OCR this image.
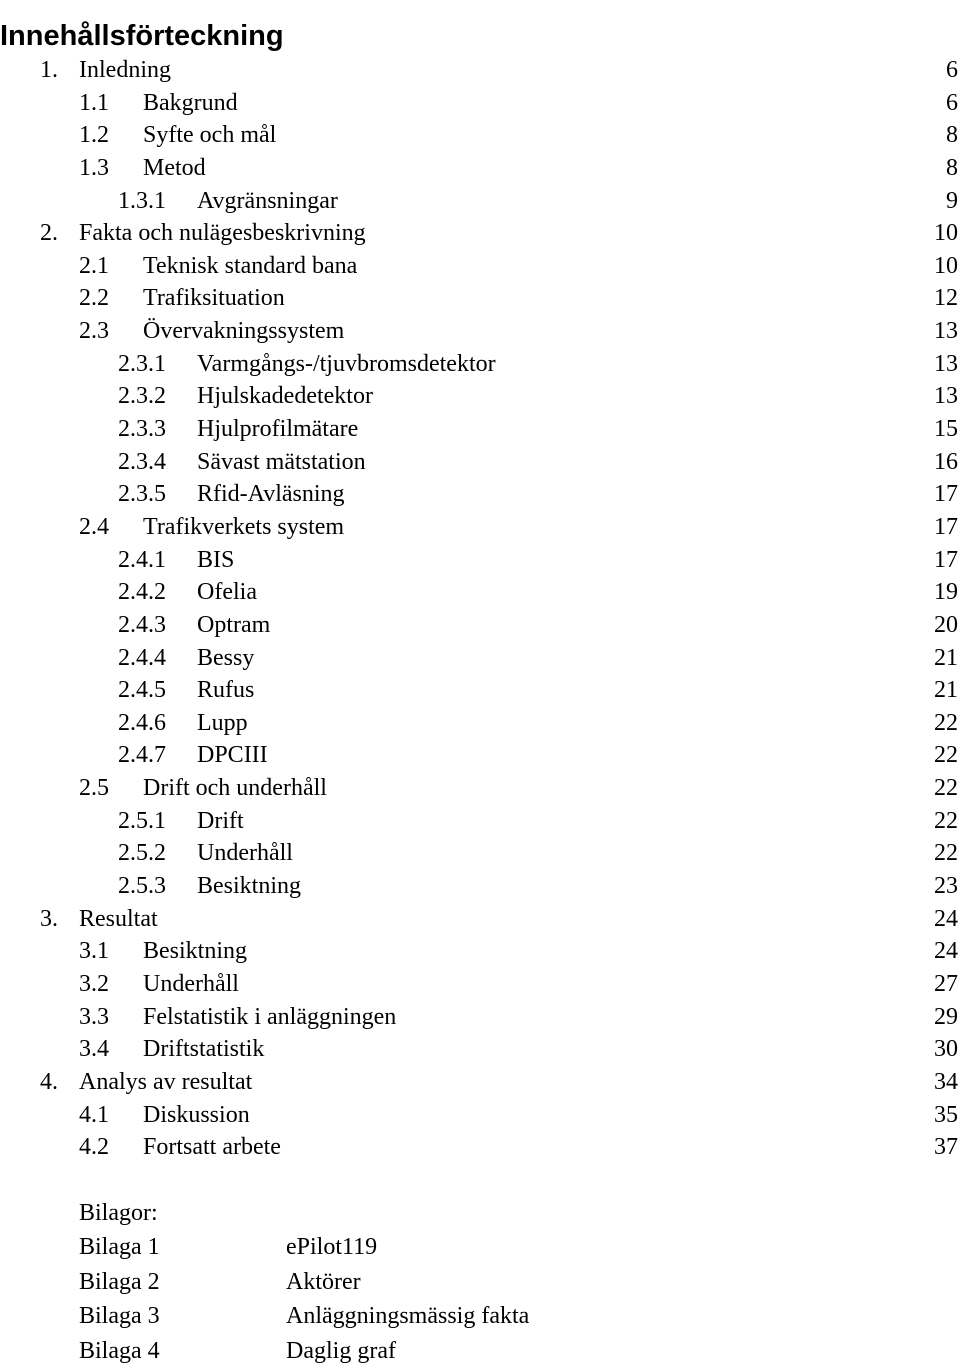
Innehållsförteckning
1. Inledning	6
1.1 Bakgrund	6
1.2 Syfte och mål	8
1.3 Metod	8
1.3.1 Avgränsningar	9
2. Fakta och nulägesbeskrivning	10
2.1 Teknisk standard bana	10
2.2 Trafiksituation	12
2.3 Övervakningssystem	13
2.3.1 Varmgångs-/tjuvbromsdetektor	13
2.3.2 Hjulskadedetektor	13
2.3.3 Hjulprofilmätare	15
2.3.4 Sävast mätstation	16
2.3.5 Rfid-Avläsning	17
2.4 Trafikverkets system	17
2.4.1 BIS	17
2.4.2 Ofelia	19
2.4.3 Optram	20
2.4.4 Bessy	21
2.4.5 Rufus	21
2.4.6 Lupp	22
2.4.7 DPCIII	22
2.5 Drift och underhåll	22
2.5.1 Drift	22
2.5.2 Underhåll	22
2.5.3 Besiktning	23
3. Resultat	24
3.1 Besiktning	24
3.2 Underhåll	27
3.3 Felstatistik i anläggningen	29
3.4 Driftstatistik	30
4. Analys av resultat	34
4.1 Diskussion	35
4.2 Fortsatt arbete	37
Bilagor:
Bilaga 1	ePilot119
Bilaga 2	Aktörer
Bilaga 3	Anläggningsmässig fakta
Bilaga 4	Daglig graf
